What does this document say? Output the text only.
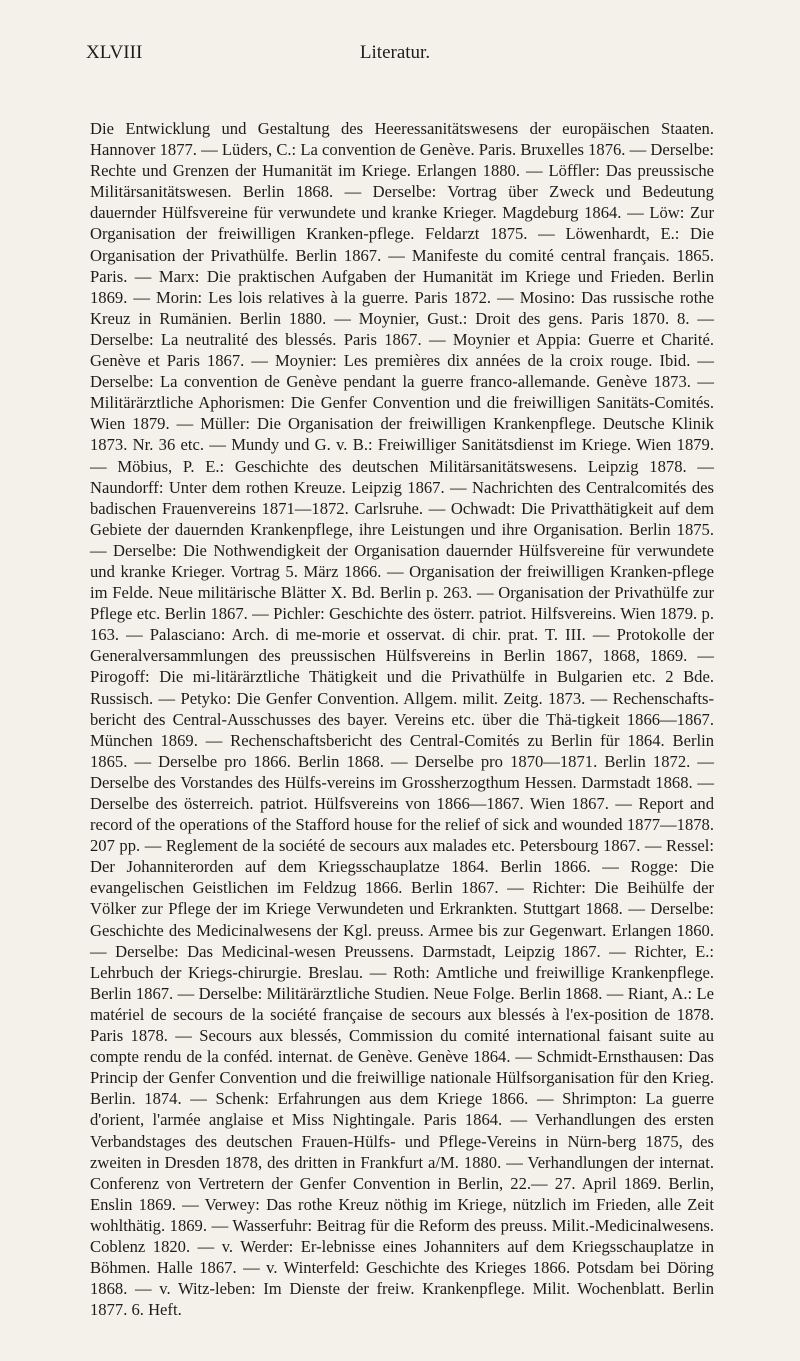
XLVIII	Literatur.
Die Entwicklung und Gestaltung des Heeressanitätswesens der europäischen Staaten. Hannover 1877. — Lüders, C.: La convention de Genève. Paris. Bruxelles 1876. — Derselbe: Rechte und Grenzen der Humanität im Kriege. Erlangen 1880. — Löffler: Das preussische Militärsanitätswesen. Berlin 1868. — Derselbe: Vortrag über Zweck und Bedeutung dauernder Hülfsvereine für verwundete und kranke Krieger. Magdeburg 1864. — Löw: Zur Organisation der freiwilligen Kranken-pflege. Feldarzt 1875. — Löwenhardt, E.: Die Organisation der Privathülfe. Berlin 1867. — Manifeste du comité central français. 1865. Paris. — Marx: Die praktischen Aufgaben der Humanität im Kriege und Frieden. Berlin 1869. — Morin: Les lois relatives à la guerre. Paris 1872. — Mosino: Das russische rothe Kreuz in Rumänien. Berlin 1880. — Moynier, Gust.: Droit des gens. Paris 1870. 8. — Derselbe: La neutralité des blessés. Paris 1867. — Moynier et Appia: Guerre et Charité. Genève et Paris 1867. — Moynier: Les premières dix années de la croix rouge. Ibid. — Derselbe: La convention de Genève pendant la guerre franco-allemande. Genève 1873. — Militärärztliche Aphorismen: Die Genfer Convention und die freiwilligen Sanitäts-Comités. Wien 1879. — Müller: Die Organisation der freiwilligen Krankenpflege. Deutsche Klinik 1873. Nr. 36 etc. — Mundy und G. v. B.: Freiwilliger Sanitätsdienst im Kriege. Wien 1879. — Möbius, P. E.: Geschichte des deutschen Militärsanitätswesens. Leipzig 1878. — Naundorff: Unter dem rothen Kreuze. Leipzig 1867. — Nachrichten des Centralcomités des badischen Frauenvereins 1871—1872. Carlsruhe. — Ochwadt: Die Privatthätigkeit auf dem Gebiete der dauernden Krankenpflege, ihre Leistungen und ihre Organisation. Berlin 1875. — Derselbe: Die Nothwendigkeit der Organisation dauernder Hülfsvereine für verwundete und kranke Krieger. Vortrag 5. März 1866. — Organisation der freiwilligen Kranken-pflege im Felde. Neue militärische Blätter X. Bd. Berlin p. 263. — Organisation der Privathülfe zur Pflege etc. Berlin 1867. — Pichler: Geschichte des österr. patriot. Hilfsvereins. Wien 1879. p. 163. — Palasciano: Arch. di me-morie et osservat. di chir. prat. T. III. — Protokolle der Generalversammlungen des preussischen Hülfsvereins in Berlin 1867, 1868, 1869. — Pirogoff: Die mi-litärärztliche Thätigkeit und die Privathülfe in Bulgarien etc. 2 Bde. Russisch. — Petyko: Die Genfer Convention. Allgem. milit. Zeitg. 1873. — Rechenschafts-bericht des Central-Ausschusses des bayer. Vereins etc. über die Thä-tigkeit 1866—1867. München 1869. — Rechenschaftsbericht des Central-Comités zu Berlin für 1864. Berlin 1865. — Derselbe pro 1866. Berlin 1868. — Derselbe pro 1870—1871. Berlin 1872. — Derselbe des Vorstandes des Hülfs-vereins im Grossherzogthum Hessen. Darmstadt 1868. — Derselbe des österreich. patriot. Hülfsvereins von 1866—1867. Wien 1867. — Report and record of the operations of the Stafford house for the relief of sick and wounded 1877—1878. 207 pp. — Reglement de la société de secours aux malades etc. Petersbourg 1867. — Ressel: Der Johanniterorden auf dem Kriegsschauplatze 1864. Berlin 1866. — Rogge: Die evangelischen Geistlichen im Feldzug 1866. Berlin 1867. — Richter: Die Beihülfe der Völker zur Pflege der im Kriege Verwundeten und Erkrankten. Stuttgart 1868. — Derselbe: Geschichte des Medicinalwesens der Kgl. preuss. Armee bis zur Gegenwart. Erlangen 1860. — Derselbe: Das Medicinal-wesen Preussens. Darmstadt, Leipzig 1867. — Richter, E.: Lehrbuch der Kriegs-chirurgie. Breslau. — Roth: Amtliche und freiwillige Krankenpflege. Berlin 1867. — Derselbe: Militärärztliche Studien. Neue Folge. Berlin 1868. — Riant, A.: Le matériel de secours de la société française de secours aux blessés à l'ex-position de 1878. Paris 1878. — Secours aux blessés, Commission du comité international faisant suite au compte rendu de la conféd. internat. de Genève. Genève 1864. — Schmidt-Ernsthausen: Das Princip der Genfer Convention und die freiwillige nationale Hülfsorganisation für den Krieg. Berlin. 1874. — Schenk: Erfahrungen aus dem Kriege 1866. — Shrimpton: La guerre d'orient, l'armée anglaise et Miss Nightingale. Paris 1864. — Verhandlungen des ersten Verbandstages des deutschen Frauen-Hülfs- und Pflege-Vereins in Nürn-berg 1875, des zweiten in Dresden 1878, des dritten in Frankfurt a/M. 1880. — Verhandlungen der internat. Conferenz von Vertretern der Genfer Convention in Berlin, 22.— 27. April 1869. Berlin, Enslin 1869. — Verwey: Das rothe Kreuz nöthig im Kriege, nützlich im Frieden, alle Zeit wohlthätig. 1869. — Wasserfuhr: Beitrag für die Reform des preuss. Milit.-Medicinalwesens. Coblenz 1820. — v. Werder: Er-lebnisse eines Johanniters auf dem Kriegsschauplatze in Böhmen. Halle 1867. — v. Winterfeld: Geschichte des Krieges 1866. Potsdam bei Döring 1868. — v. Witz-leben: Im Dienste der freiw. Krankenpflege. Milit. Wochenblatt. Berlin 1877. 6. Heft.
